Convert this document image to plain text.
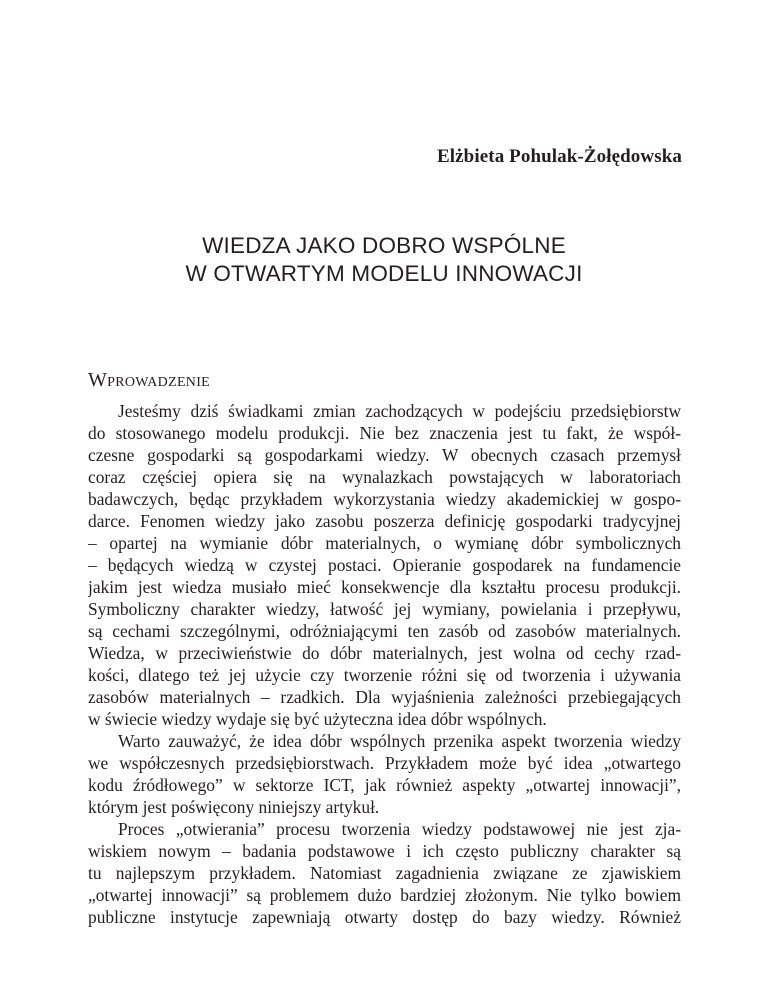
Elżbieta Pohulak-Żołędowska
WIEDZA JAKO DOBRO WSPÓLNE
W OTWARTYM MODELU INNOWACJI
Wprowadzenie
Jesteśmy dziś świadkami zmian zachodzących w podejściu przedsiębiorstw
do stosowanego modelu produkcji. Nie bez znaczenia jest tu fakt, że współ-
czesne gospodarki są gospodarkami wiedzy. W obecnych czasach przemysł
coraz częściej opiera się na wynalazkach powstających w laboratoriach
badawczych, będąc przykładem wykorzystania wiedzy akademickiej w gospo-
darce. Fenomen wiedzy jako zasobu poszerza definicję gospodarki tradycyjnej
– opartej na wymianie dóbr materialnych, o wymianę dóbr symbolicznych
– będących wiedzą w czystej postaci. Opieranie gospodarek na fundamencie
jakim jest wiedza musiało mieć konsekwencje dla kształtu procesu produkcji.
Symboliczny charakter wiedzy, łatwość jej wymiany, powielania i przepływu,
są cechami szczególnymi, odróżniającymi ten zasób od zasobów materialnych.
Wiedza, w przeciwieństwie do dóbr materialnych, jest wolna od cechy rzad-
kości, dlatego też jej użycie czy tworzenie różni się od tworzenia i używania
zasobów materialnych – rzadkich. Dla wyjaśnienia zależności przebiegających
w świecie wiedzy wydaje się być użyteczna idea dóbr wspólnych.
Warto zauważyć, że idea dóbr wspólnych przenika aspekt tworzenia wiedzy
we współczesnych przedsiębiorstwach. Przykładem może być idea „otwartego
kodu źródłowego” w sektorze ICT, jak również aspekty „otwartej innowacji”,
którym jest poświęcony niniejszy artykuł.
Proces „otwierania” procesu tworzenia wiedzy podstawowej nie jest zja-
wiskiem nowym – badania podstawowe i ich często publiczny charakter są
tu najlepszym przykładem. Natomiast zagadnienia związane ze zjawiskiem
„otwartej innowacji” są problemem dużo bardziej złożonym. Nie tylko bowiem
publiczne instytucje zapewniają otwarty dostęp do bazy wiedzy. Również
